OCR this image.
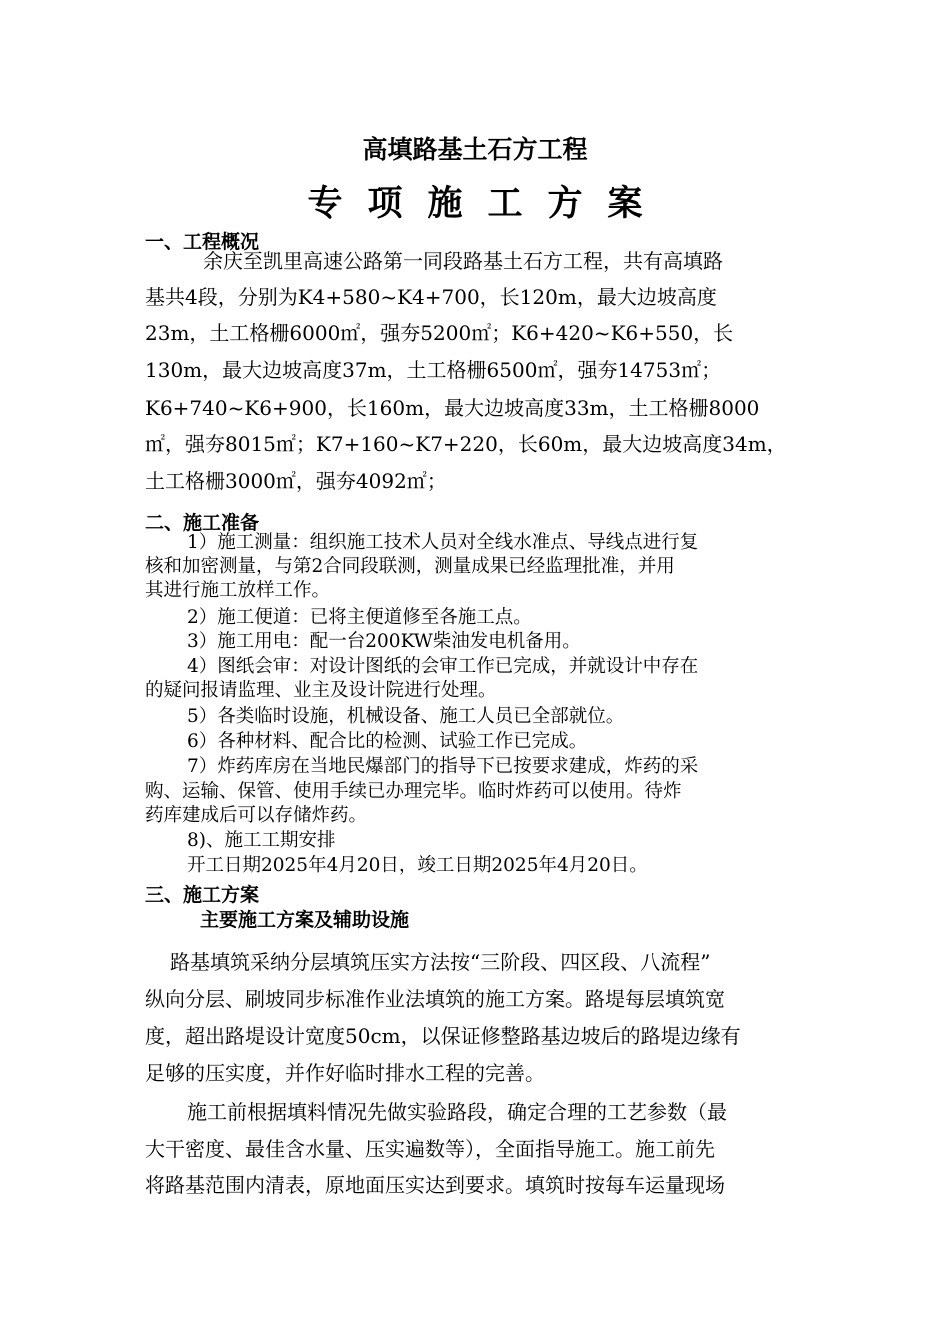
高填路基土石方工程
专项施工方案
一、工程概况
余庆至凯里高速公路第一同段路基土石方工程，共有高填路
基共4段，分别为K4+580~K4+700，长120m，最大边坡高度
23m，土工格栅6000㎡，强夯5200㎡；K6+420~K6+550，长
130m，最大边坡高度37m，土工格栅6500㎡，强夯14753㎡；
K6+740~K6+900，长160m，最大边坡高度33m，土工格栅8000
㎡，强夯8015㎡；K7+160~K7+220，长60m，最大边坡高度34m，
土工格栅3000㎡，强夯4092㎡；
二、施工准备
1）施工测量：组织施工技术人员对全线水准点、导线点进行复
核和加密测量，与第2合同段联测，测量成果已经监理批准，并用
其进行施工放样工作。
2）施工便道：已将主便道修至各施工点。
3）施工用电：配一台200KW柴油发电机备用。
4）图纸会审：对设计图纸的会审工作已完成，并就设计中存在
的疑问报请监理、业主及设计院进行处理。
5）各类临时设施，机械设备、施工人员已全部就位。
6）各种材料、配合比的检测、试验工作已完成。
7）炸药库房在当地民爆部门的指导下已按要求建成，炸药的采
购、运输、保管、使用手续已办理完毕。临时炸药可以使用。待炸
药库建成后可以存储炸药。
8)、施工工期安排
开工日期2025年4月20日，竣工日期2025年4月20日。
三、施工方案
主要施工方案及辅助设施
路基填筑采纳分层填筑压实方法按“三阶段、四区段、八流程”
纵向分层、刷坡同步标准作业法填筑的施工方案。路堤每层填筑宽
度，超出路堤设计宽度50cm，以保证修整路基边坡后的路堤边缘有
足够的压实度，并作好临时排水工程的完善。
施工前根据填料情况先做实验路段，确定合理的工艺参数（最
大干密度、最佳含水量、压实遍数等），全面指导施工。施工前先
将路基范围内清表，原地面压实达到要求。填筑时按每车运量现场
